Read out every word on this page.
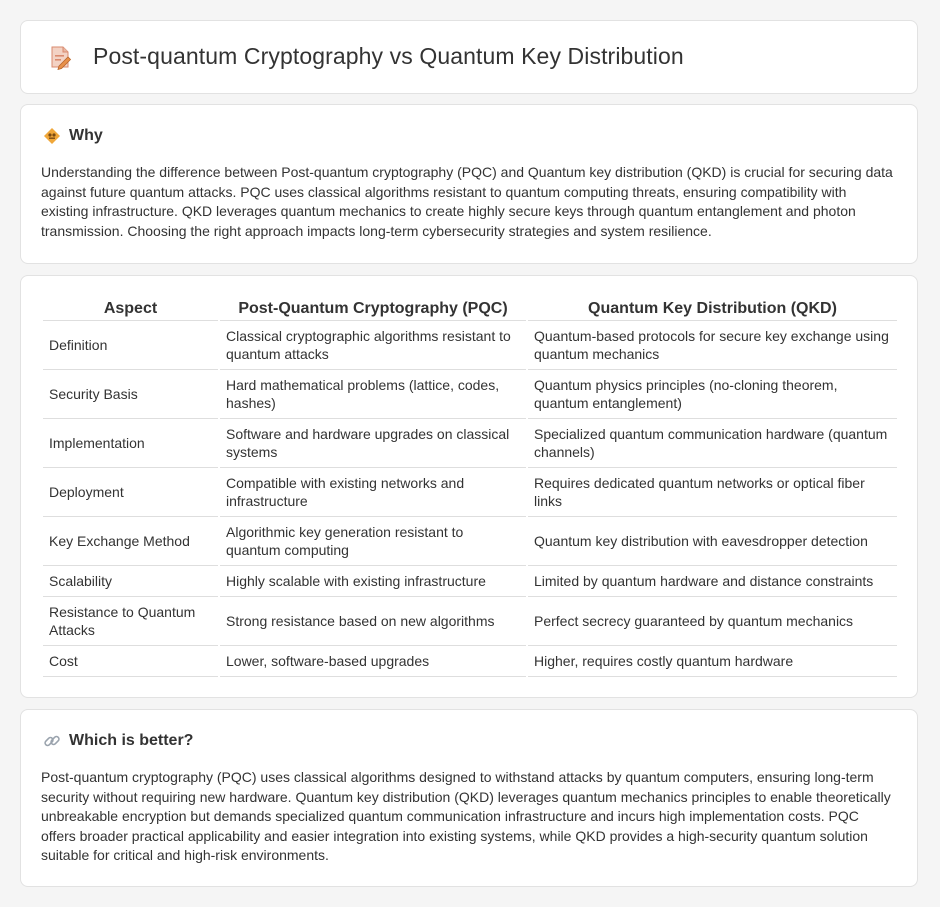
Post-quantum Cryptography vs Quantum Key Distribution
Why

Understanding the difference between Post-quantum cryptography (PQC) and Quantum key distribution (QKD) is crucial for securing data against future quantum attacks. PQC uses classical algorithms resistant to quantum computing threats, ensuring compatibility with existing infrastructure. QKD leverages quantum mechanics to create highly secure keys through quantum entanglement and photon transmission. Choosing the right approach impacts long-term cybersecurity strategies and system resilience.

Aspect	Post-Quantum Cryptography (PQC)	Quantum Key Distribution (QKD)
Definition	Classical cryptographic algorithms resistant to quantum attacks	Quantum-based protocols for secure key exchange using quantum mechanics
Security Basis	Hard mathematical problems (lattice, codes, hashes)	Quantum physics principles (no-cloning theorem, quantum entanglement)
Implementation	Software and hardware upgrades on classical systems	Specialized quantum communication hardware (quantum channels)
Deployment	Compatible with existing networks and infrastructure	Requires dedicated quantum networks or optical fiber links
Key Exchange Method	Algorithmic key generation resistant to quantum computing	Quantum key distribution with eavesdropper detection
Scalability	Highly scalable with existing infrastructure	Limited by quantum hardware and distance constraints
Resistance to Quantum Attacks	Strong resistance based on new algorithms	Perfect secrecy guaranteed by quantum mechanics
Cost	Lower, software-based upgrades	Higher, requires costly quantum hardware
Which is better?

Post-quantum cryptography (PQC) uses classical algorithms designed to withstand attacks by quantum computers, ensuring long-term security without requiring new hardware. Quantum key distribution (QKD) leverages quantum mechanics principles to enable theoretically unbreakable encryption but demands specialized quantum communication infrastructure and incurs high implementation costs. PQC offers broader practical applicability and easier integration into existing systems, while QKD provides a high-security quantum solution suitable for critical and high-risk environments.
